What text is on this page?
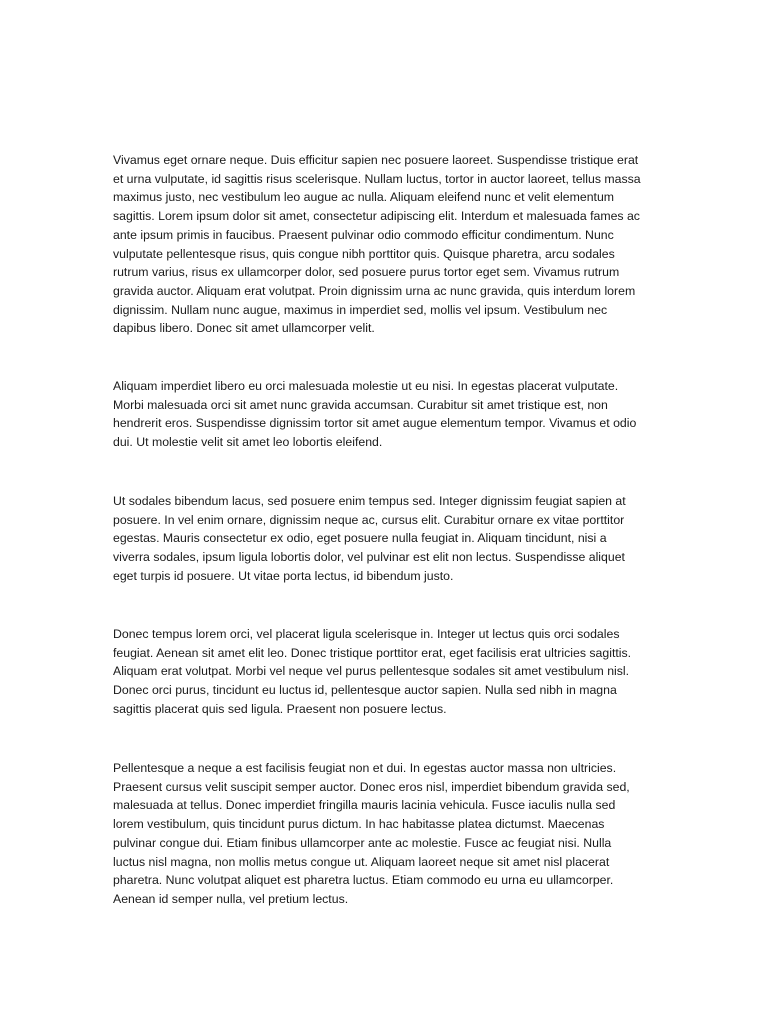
Vivamus eget ornare neque. Duis efficitur sapien nec posuere laoreet. Suspendisse tristique erat et urna vulputate, id sagittis risus scelerisque. Nullam luctus, tortor in auctor laoreet, tellus massa maximus justo, nec vestibulum leo augue ac nulla. Aliquam eleifend nunc et velit elementum sagittis. Lorem ipsum dolor sit amet, consectetur adipiscing elit. Interdum et malesuada fames ac ante ipsum primis in faucibus. Praesent pulvinar odio commodo efficitur condimentum. Nunc vulputate pellentesque risus, quis congue nibh porttitor quis. Quisque pharetra, arcu sodales rutrum varius, risus ex ullamcorper dolor, sed posuere purus tortor eget sem. Vivamus rutrum gravida auctor. Aliquam erat volutpat. Proin dignissim urna ac nunc gravida, quis interdum lorem dignissim. Nullam nunc augue, maximus in imperdiet sed, mollis vel ipsum. Vestibulum nec dapibus libero. Donec sit amet ullamcorper velit.

Aliquam imperdiet libero eu orci malesuada molestie ut eu nisi. In egestas placerat vulputate. Morbi malesuada orci sit amet nunc gravida accumsan. Curabitur sit amet tristique est, non hendrerit eros. Suspendisse dignissim tortor sit amet augue elementum tempor. Vivamus et odio dui. Ut molestie velit sit amet leo lobortis eleifend.

Ut sodales bibendum lacus, sed posuere enim tempus sed. Integer dignissim feugiat sapien at posuere. In vel enim ornare, dignissim neque ac, cursus elit. Curabitur ornare ex vitae porttitor egestas. Mauris consectetur ex odio, eget posuere nulla feugiat in. Aliquam tincidunt, nisi a viverra sodales, ipsum ligula lobortis dolor, vel pulvinar est elit non lectus. Suspendisse aliquet eget turpis id posuere. Ut vitae porta lectus, id bibendum justo.

Donec tempus lorem orci, vel placerat ligula scelerisque in. Integer ut lectus quis orci sodales feugiat. Aenean sit amet elit leo. Donec tristique porttitor erat, eget facilisis erat ultricies sagittis. Aliquam erat volutpat. Morbi vel neque vel purus pellentesque sodales sit amet vestibulum nisl. Donec orci purus, tincidunt eu luctus id, pellentesque auctor sapien. Nulla sed nibh in magna sagittis placerat quis sed ligula. Praesent non posuere lectus.

Pellentesque a neque a est facilisis feugiat non et dui. In egestas auctor massa non ultricies. Praesent cursus velit suscipit semper auctor. Donec eros nisl, imperdiet bibendum gravida sed, malesuada at tellus. Donec imperdiet fringilla mauris lacinia vehicula. Fusce iaculis nulla sed lorem vestibulum, quis tincidunt purus dictum. In hac habitasse platea dictumst. Maecenas pulvinar congue dui. Etiam finibus ullamcorper ante ac molestie. Fusce ac feugiat nisi. Nulla luctus nisl magna, non mollis metus congue ut. Aliquam laoreet neque sit amet nisl placerat pharetra. Nunc volutpat aliquet est pharetra luctus. Etiam commodo eu urna eu ullamcorper. Aenean id semper nulla, vel pretium lectus.
